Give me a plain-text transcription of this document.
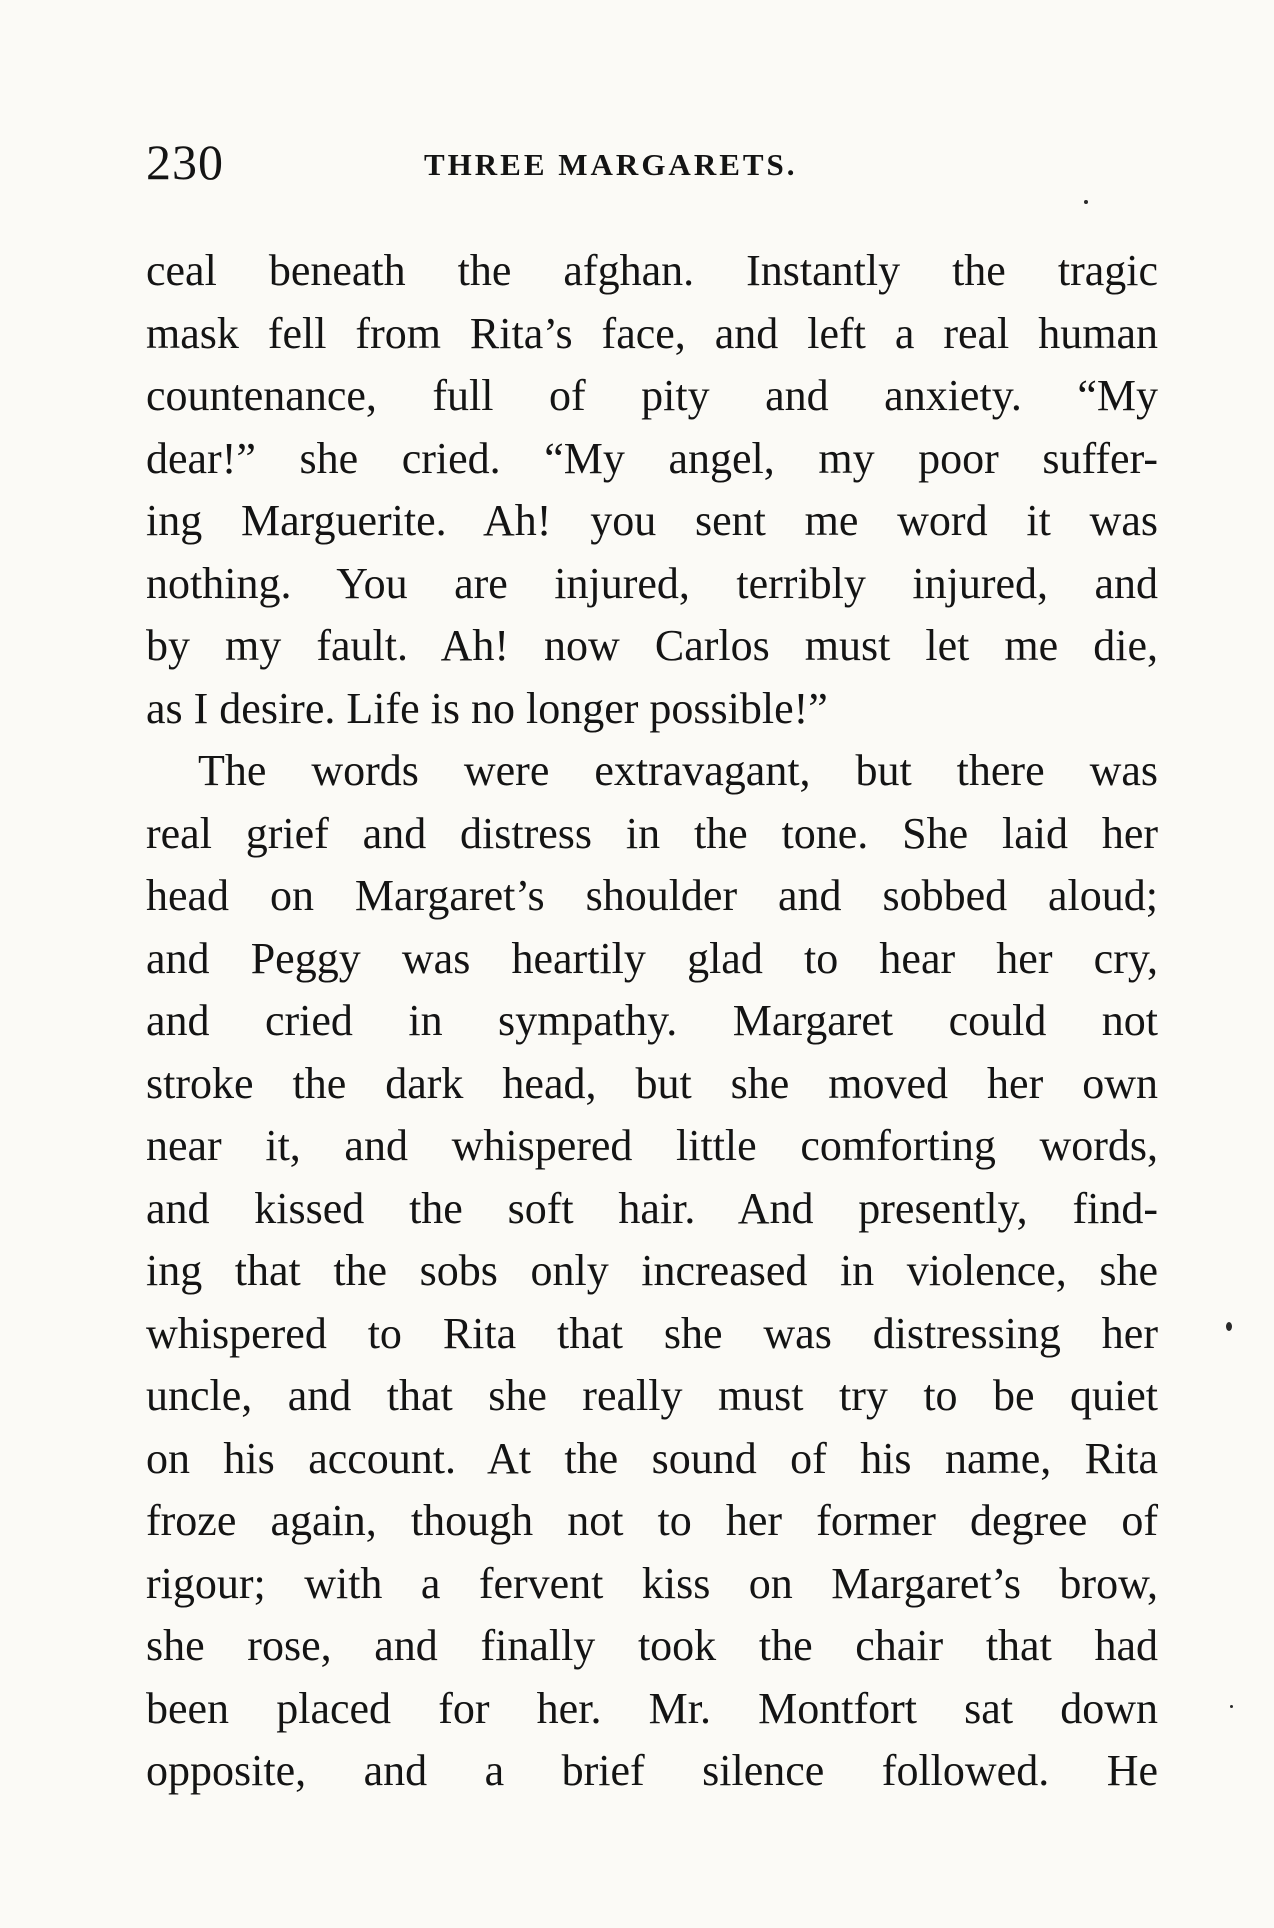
230	THREE MARGARETS.
ceal beneath the afghan. Instantly the tragic
mask fell from Rita’s face, and left a real human
countenance, full of pity and anxiety. “My
dear!” she cried. “My angel, my poor suffer-
ing Marguerite. Ah! you sent me word it was
nothing. You are injured, terribly injured, and
by my fault. Ah! now Carlos must let me die,
as I desire. Life is no longer possible!”
The words were extravagant, but there was
real grief and distress in the tone. She laid her
head on Margaret’s shoulder and sobbed aloud;
and Peggy was heartily glad to hear her cry,
and cried in sympathy. Margaret could not
stroke the dark head, but she moved her own
near it, and whispered little comforting words,
and kissed the soft hair. And presently, find-
ing that the sobs only increased in violence, she
whispered to Rita that she was distressing her
uncle, and that she really must try to be quiet
on his account. At the sound of his name, Rita
froze again, though not to her former degree of
rigour; with a fervent kiss on Margaret’s brow,
she rose, and finally took the chair that had
been placed for her. Mr. Montfort sat down
opposite, and a brief silence followed. He
